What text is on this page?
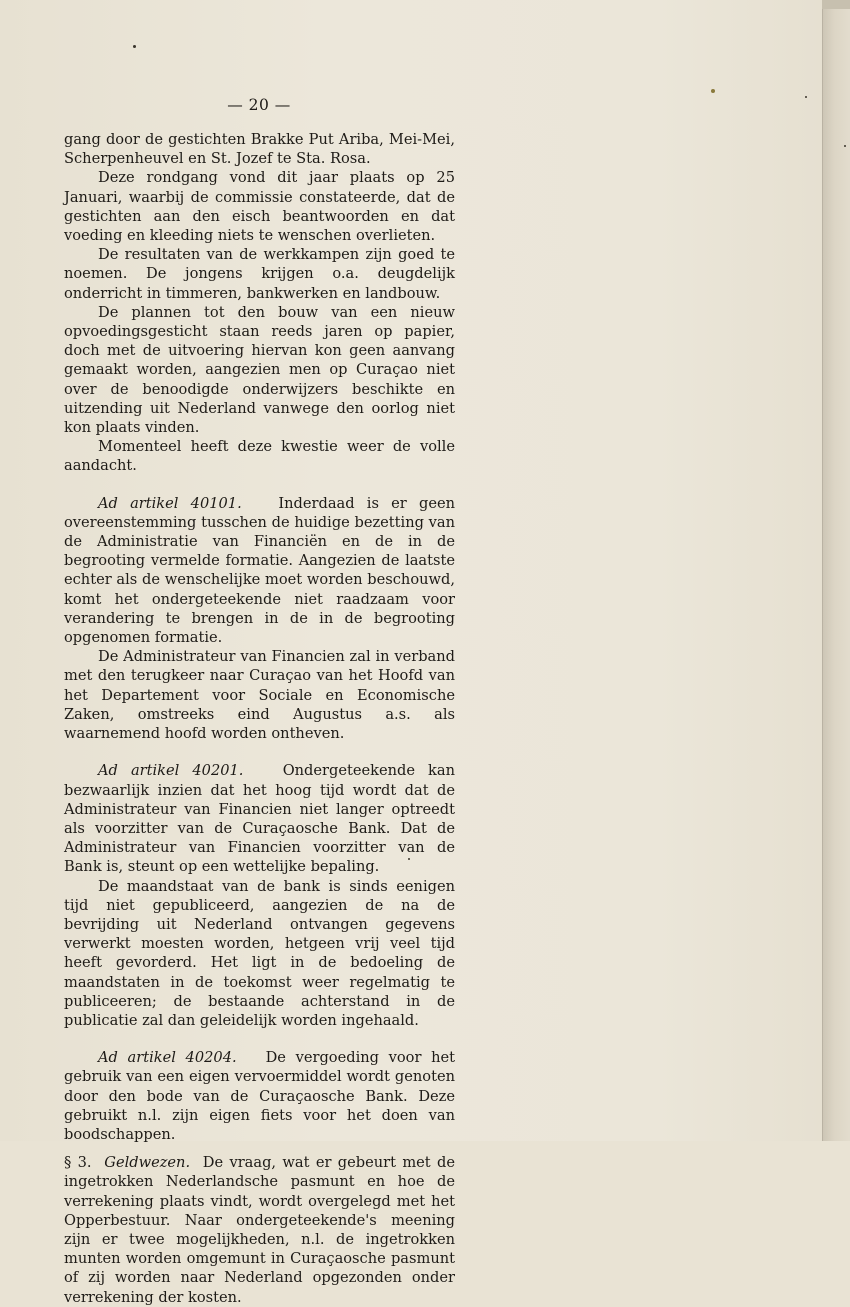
— 20 —

gang door de gestichten Brakke Put Ariba, Mei-Mei, Scherpenheuvel en St. Jozef te Sta. Rosa.

Deze rondgang vond dit jaar plaats op 25 Januari, waarbij de commissie constateerde, dat de gestichten aan den eisch beantwoorden en dat voeding en kleeding niets te wenschen overlieten.

De resultaten van de werkkampen zijn goed te noemen. De jongens krijgen o.a. deugdelijk onderricht in timmeren, bankwerken en landbouw.

De plannen tot den bouw van een nieuw opvoedingsgesticht staan reeds jaren op papier, doch met de uitvoering hiervan kon geen aanvang gemaakt worden, aangezien men op Curaçao niet over de benoodigde onderwijzers beschikte en uitzending uit Nederland vanwege den oorlog niet kon plaats vinden.

Momenteel heeft deze kwestie weer de volle aandacht.

Ad artikel 40101.	Inderdaad is er geen overeenstemming tusschen de huidige bezetting van de Administratie van Financiën en de in de begrooting vermelde formatie. Aangezien de laatste echter als de wenschelijke moet worden beschouwd, komt het ondergeteekende niet raadzaam voor verandering te brengen in de in de begrooting opgenomen formatie.

De Administrateur van Financien zal in verband met den terugkeer naar Curaçao van het Hoofd van het Departement voor Sociale en Economische Zaken, omstreeks eind Augustus a.s. als waarnemend hoofd worden ontheven.

Ad artikel 40201.	Ondergeteekende kan bezwaarlijk inzien dat het hoog tijd wordt dat de Administrateur van Financien niet langer optreedt als voorzitter van de Curaçaosche Bank. Dat de Administrateur van Financien voorzitter van de Bank is, steunt op een wettelijke bepaling.

De maandstaat van de bank is sinds eenigen tijd niet gepubliceerd, aangezien de na de bevrijding uit Nederland ontvangen gegevens verwerkt moesten worden, hetgeen vrij veel tijd heeft gevorderd. Het ligt in de bedoeling de maandstaten in de toekomst weer regelmatig te publiceeren; de bestaande achterstand in de publicatie zal dan geleidelijk worden ingehaald.

Ad artikel 40204. De vergoeding voor het gebruik van een eigen vervoermiddel wordt genoten door den bode van de Curaçaosche Bank. Deze gebruikt n.l. zijn eigen fiets voor het doen van boodschappen.

§ 3. Geldwezen. De vraag, wat er gebeurt met de ingetrokken Nederlandsche pasmunt en hoe de verrekening plaats vindt, wordt overgelegd met het Opperbestuur. Naar ondergeteekende's meening zijn er twee mogelijkheden, n.l. de ingetrokken munten worden omgemunt in Curaçaosche pasmunt of zij worden naar Nederland opgezonden onder verrekening der kosten.
